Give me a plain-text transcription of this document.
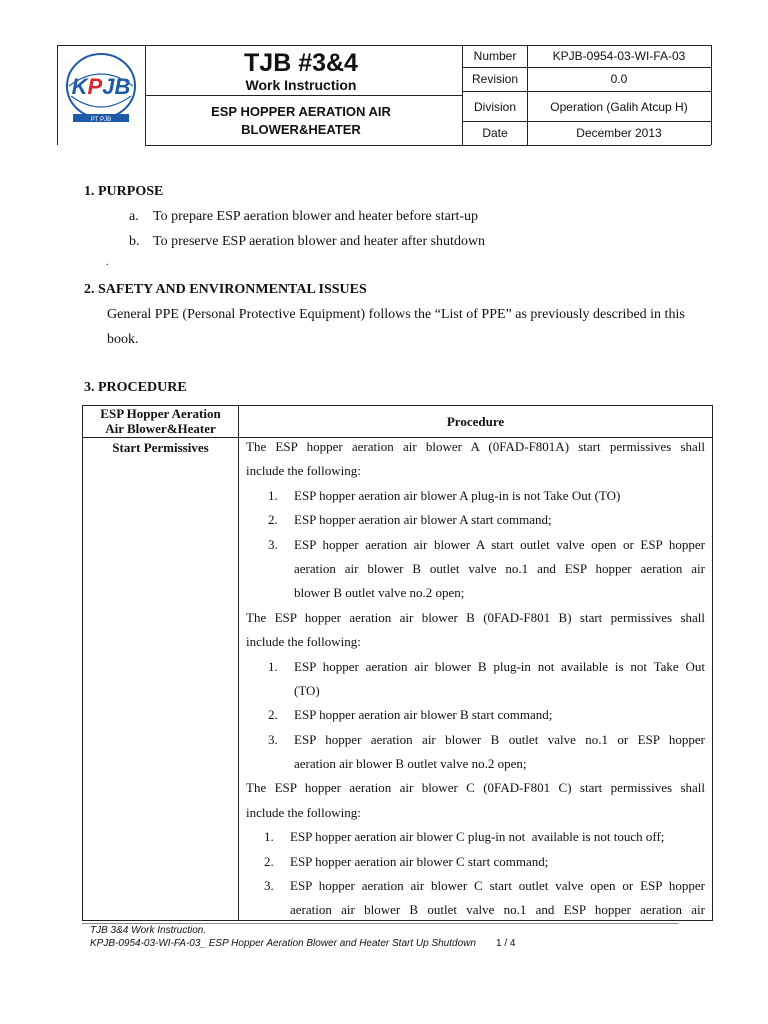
KPJB
PT PJB
TJB #3&4
Work Instruction
ESP HOPPER AERATION AIR
BLOWER&HEATER
Number	KPJB-0954-03-WI-FA-03
Revision	0.0
Division	Operation (Galih Atcup H)
Date	December 2013
1. PURPOSE
a. To prepare ESP aeration blower and heater before start-up
b. To preserve ESP aeration blower and heater after shutdown
.
2. SAFETY AND ENVIRONMENTAL ISSUES
General PPE (Personal Protective Equipment) follows the “List of PPE” as previously described in this
book.
3. PROCEDURE
ESP Hopper Aeration
Air Blower&Heater	Procedure
Start Permissives	The ESP hopper aeration air blower A (0FAD-F801A) start permissives shall
include the following:
1. ESP hopper aeration air blower A plug-in is not Take Out (TO)
2. ESP hopper aeration air blower A start command;
3. ESP hopper aeration air blower A start outlet valve open or ESP hopper
aeration air blower B outlet valve no.1 and ESP hopper aeration air
blower B outlet valve no.2 open;
The ESP hopper aeration air blower B (0FAD-F801 B) start permissives shall
include the following:
1. ESP hopper aeration air blower B plug-in not available is not Take Out
(TO)
2. ESP hopper aeration air blower B start command;
3. ESP hopper aeration air blower B outlet valve no.1 or ESP hopper
aeration air blower B outlet valve no.2 open;
The ESP hopper aeration air blower C (0FAD-F801 C) start permissives shall
include the following:
1. ESP hopper aeration air blower C plug-in not  available is not touch off;
2. ESP hopper aeration air blower C start command;
3. ESP hopper aeration air blower C start outlet valve open or ESP hopper
aeration air blower B outlet valve no.1 and ESP hopper aeration air
TJB 3&4 Work Instruction.
KPJB-0954-03-WI-FA-03_ ESP Hopper Aeration Blower and Heater Start Up Shutdown 1 / 4
